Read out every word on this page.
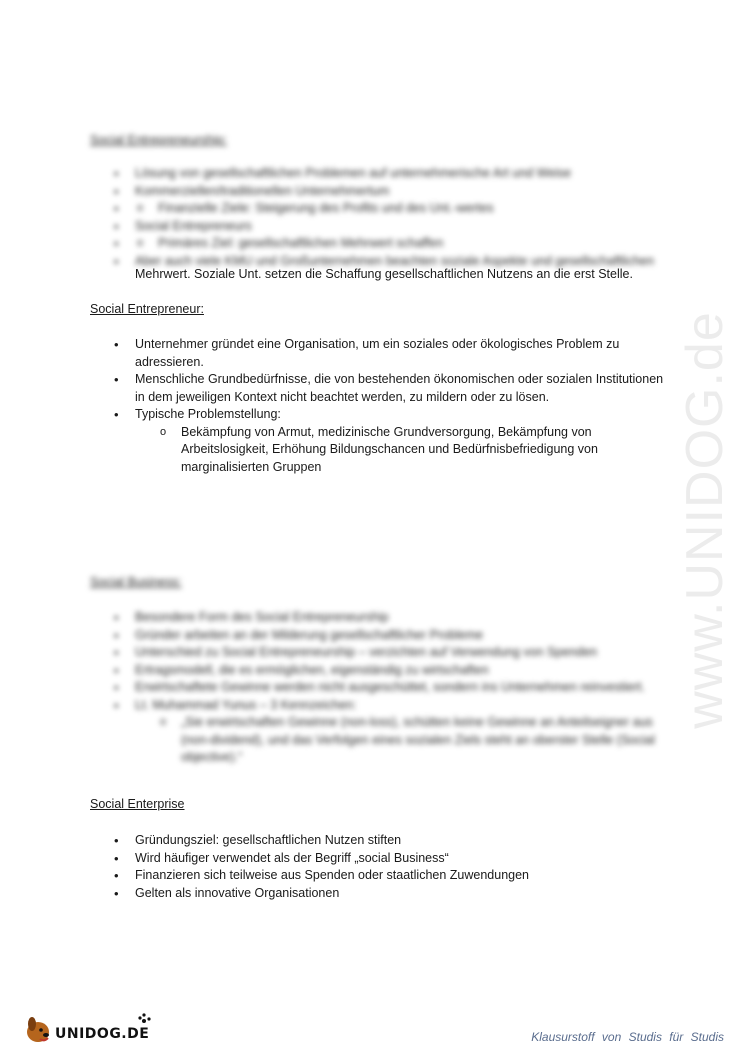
www.UNIDOG.de
Social Entrepreneurship:
• Lösung von gesellschaftlichen Problemen auf unternehmerische Art und Weise
• Kommerziellen/traditionellen Unternehmertum
o • Finanzielle Ziele: Steigerung des Profits und des Unt.-wertes
• Social Entrepreneurs
o • Primäres Ziel: gesellschaftlichen Mehrwert schaffen
• Aber auch viele KMU und Großunternehmen beachten soziale Aspekte und gesellschaftlichen
Mehrwert. Soziale Unt. setzen die Schaffung gesellschaftlichen Nutzens an die erst Stelle.
Social Entrepreneur:
• Unternehmer gründet eine Organisation, um ein soziales oder ökologisches Problem zu adressieren.
• Menschliche Grundbedürfnisse, die von bestehenden ökonomischen oder sozialen Institutionen in dem jeweiligen Kontext nicht beachtet werden, zu mildern oder zu lösen.
• Typische Problemstellung:
o Bekämpfung von Armut, medizinische Grundversorgung, Bekämpfung von Arbeitslosigkeit, Erhöhung Bildungschancen und Bedürfnisbefriedigung von marginalisierten Gruppen
Social Business:
• Besondere Form des Social Entrepreneurship
• Gründer arbeiten an der Milderung gesellschaftlicher Probleme
• Unterschied zu Social Entrepreneurship – verzichten auf Verwendung von Spenden
• Ertragsmodell, die es ermöglichen, eigenständig zu wirtschaften
• Erwirtschaftete Gewinne werden nicht ausgeschüttet, sondern ins Unternehmen reinvestiert.
• Lt. Muhammad Yunus – 3 Kennzeichen:
o „Sie erwirtschaften Gewinne (non-loss), schütten keine Gewinne an Anteilseigner aus (non-dividend), und das Verfolgen eines sozialen Ziels steht an oberster Stelle (Social objective).“
Social Enterprise
• Gründungsziel: gesellschaftlichen Nutzen stiften
• Wird häufiger verwendet als der Begriff „social Business“
• Finanzieren sich teilweise aus Spenden oder staatlichen Zuwendungen
• Gelten als innovative Organisationen
UNIDOG.DE	Klausurstoff von Studis für Studis
